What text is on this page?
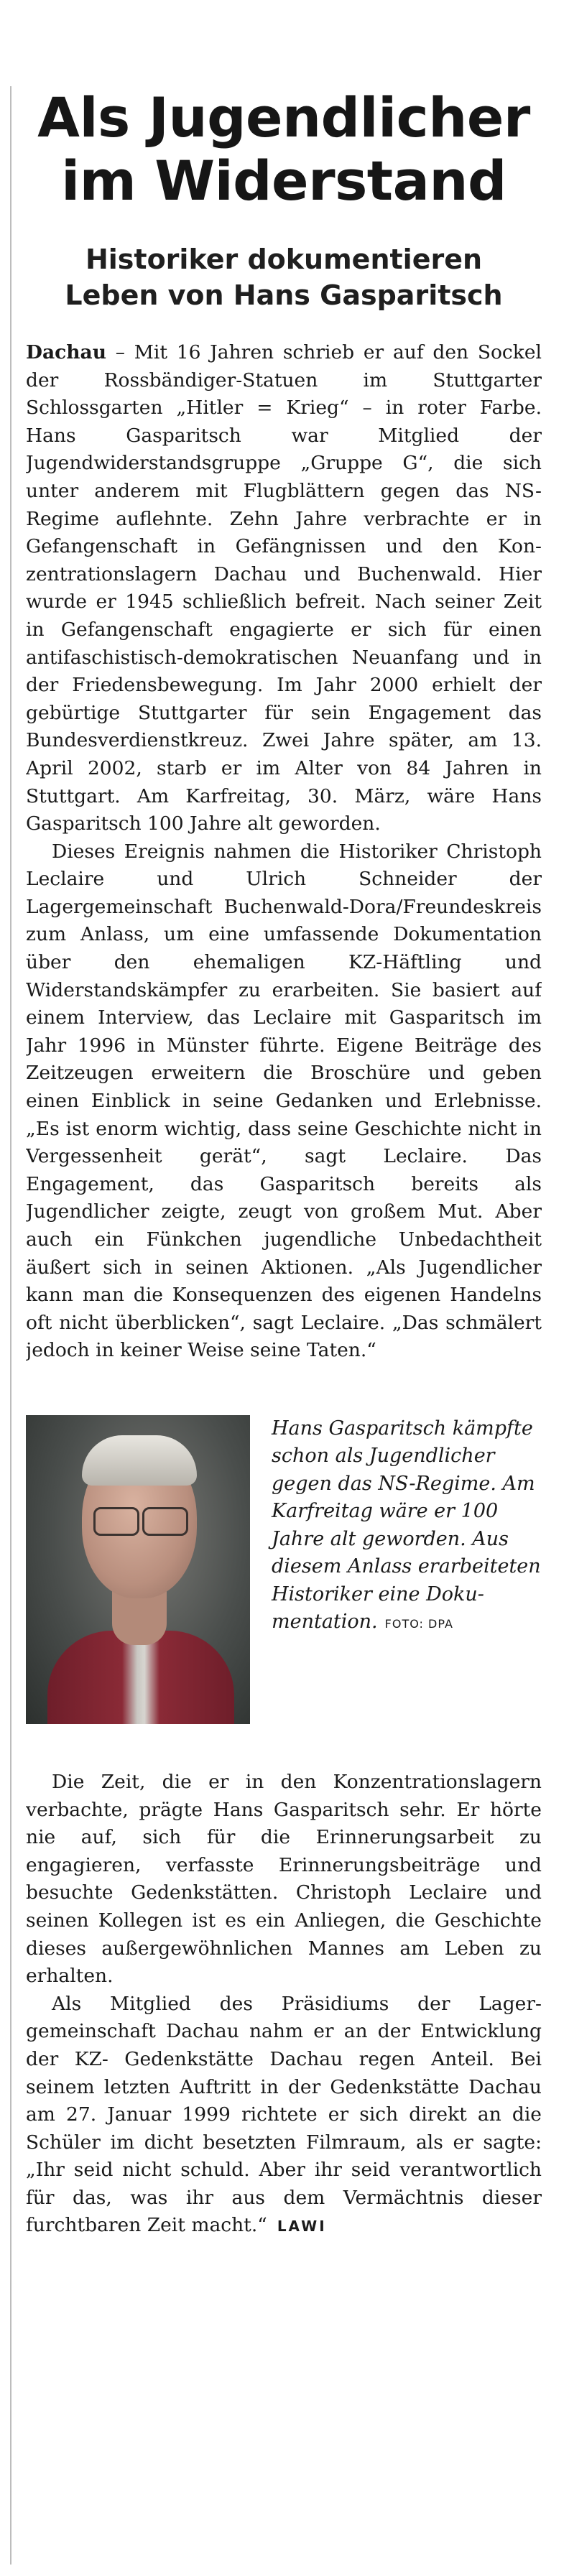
Als Jugendlicher
im Widerstand
Historiker dokumentieren
Leben von Hans Gasparitsch

Dachau – Mit 16 Jahren schrieb er auf den Sockel der Rossbändiger-Statuen im Stuttgarter Schlossgarten „Hitler = Krieg“ – in roter Farbe. Hans Gasparitsch war Mitglied der Jugendwiderstandsgruppe „Gruppe G“, die sich unter anderem mit Flugblättern gegen das NS-Regime auflehnte. Zehn Jahre verbrachte er in Gefangenschaft in Gefängnissen und den Konzentrationslagern Dachau und Buchenwald. Hier wurde er 1945 schließlich befreit. Nach seiner Zeit in Gefangenschaft engagierte er sich für einen antifaschistisch-demokratischen Neuanfang und in der Friedensbewegung. Im Jahr 2000 erhielt der gebürtige Stuttgarter für sein Engagement das Bundesverdienstkreuz. Zwei Jahre später, am 13. April 2002, starb er im Alter von 84 Jahren in Stuttgart. Am Karfreitag, 30. März, wäre Hans Gasparitsch 100 Jahre alt geworden.

Dieses Ereignis nahmen die Historiker Christoph Leclaire und Ulrich Schneider der Lagergemeinschaft Buchenwald-Dora/Freundeskreis zum Anlass, um eine umfassende Dokumentation über den ehemaligen KZ-Häftling und Widerstandskämpfer zu erarbeiten. Sie basiert auf einem Interview, das Leclaire mit Gasparitsch im Jahr 1996 in Münster führte. Eigene Beiträge des Zeitzeugen erweitern die Broschüre und geben einen Einblick in seine Gedanken und Erlebnisse. „Es ist enorm wichtig, dass seine Geschichte nicht in Vergessenheit gerät“, sagt Leclaire. Das Engagement, das Gasparitsch bereits als Jugendlicher zeigte, zeugt von großem Mut. Aber auch ein Fünkchen jugendliche Unbedachtheit äußert sich in seinen Aktionen. „Als Jugendlicher kann man die Konsequenzen des eigenen Handelns oft nicht überblicken“, sagt Leclaire. „Das schmälert jedoch in keiner Weise seine Taten.“

Hans Gasparitsch kämpfte schon als Jugendlicher gegen das NS-Regime. Am Karfreitag wäre er 100 Jahre alt geworden. Aus diesem Anlass erarbeiteten Historiker eine Dokumentation. FOTO: DPA

Die Zeit, die er in den Konzentrationslagern verbachte, prägte Hans Gasparitsch sehr. Er hörte nie auf, sich für die Erinnerungsarbeit zu engagieren, verfasste Erinnerungsbeiträge und besuchte Gedenkstätten. Christoph Leclaire und seinen Kollegen ist es ein Anliegen, die Geschichte dieses außergewöhnlichen Mannes am Leben zu erhalten.

Als Mitglied des Präsidiums der Lagergemeinschaft Dachau nahm er an der Entwicklung der KZ- Gedenkstätte Dachau regen Anteil. Bei seinem letzten Auftritt in der Gedenkstätte Dachau am 27. Januar 1999 richtete er sich direkt an die Schüler im dicht besetzten Filmraum, als er sagte: „Ihr seid nicht schuld. Aber ihr seid verantwortlich für das, was ihr aus dem Vermächtnis dieser furchtbaren Zeit macht.“ LAWI
